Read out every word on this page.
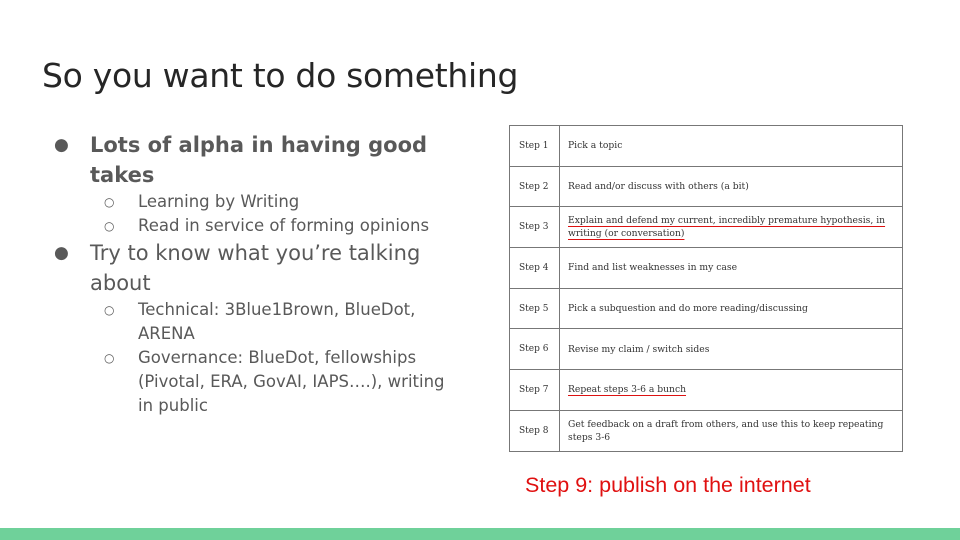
So you want to do something
● Lots of alpha in having good takes
○ Learning by Writing
○ Read in service of forming opinions
● Try to know what you’re talking about
○ Technical: 3Blue1Brown, BlueDot, ARENA
○ Governance: BlueDot, fellowships (Pivotal, ERA, GovAI, IAPS….), writing in public
Step 1	Pick a topic
Step 2	Read and/or discuss with others (a bit)
Step 3	Explain and defend my current, incredibly premature hypothesis, in writing (or conversation)
Step 4	Find and list weaknesses in my case
Step 5	Pick a subquestion and do more reading/discussing
Step 6	Revise my claim / switch sides
Step 7	Repeat steps 3-6 a bunch
Step 8	Get feedback on a draft from others, and use this to keep repeating steps 3-6

Step 9: publish on the internet
